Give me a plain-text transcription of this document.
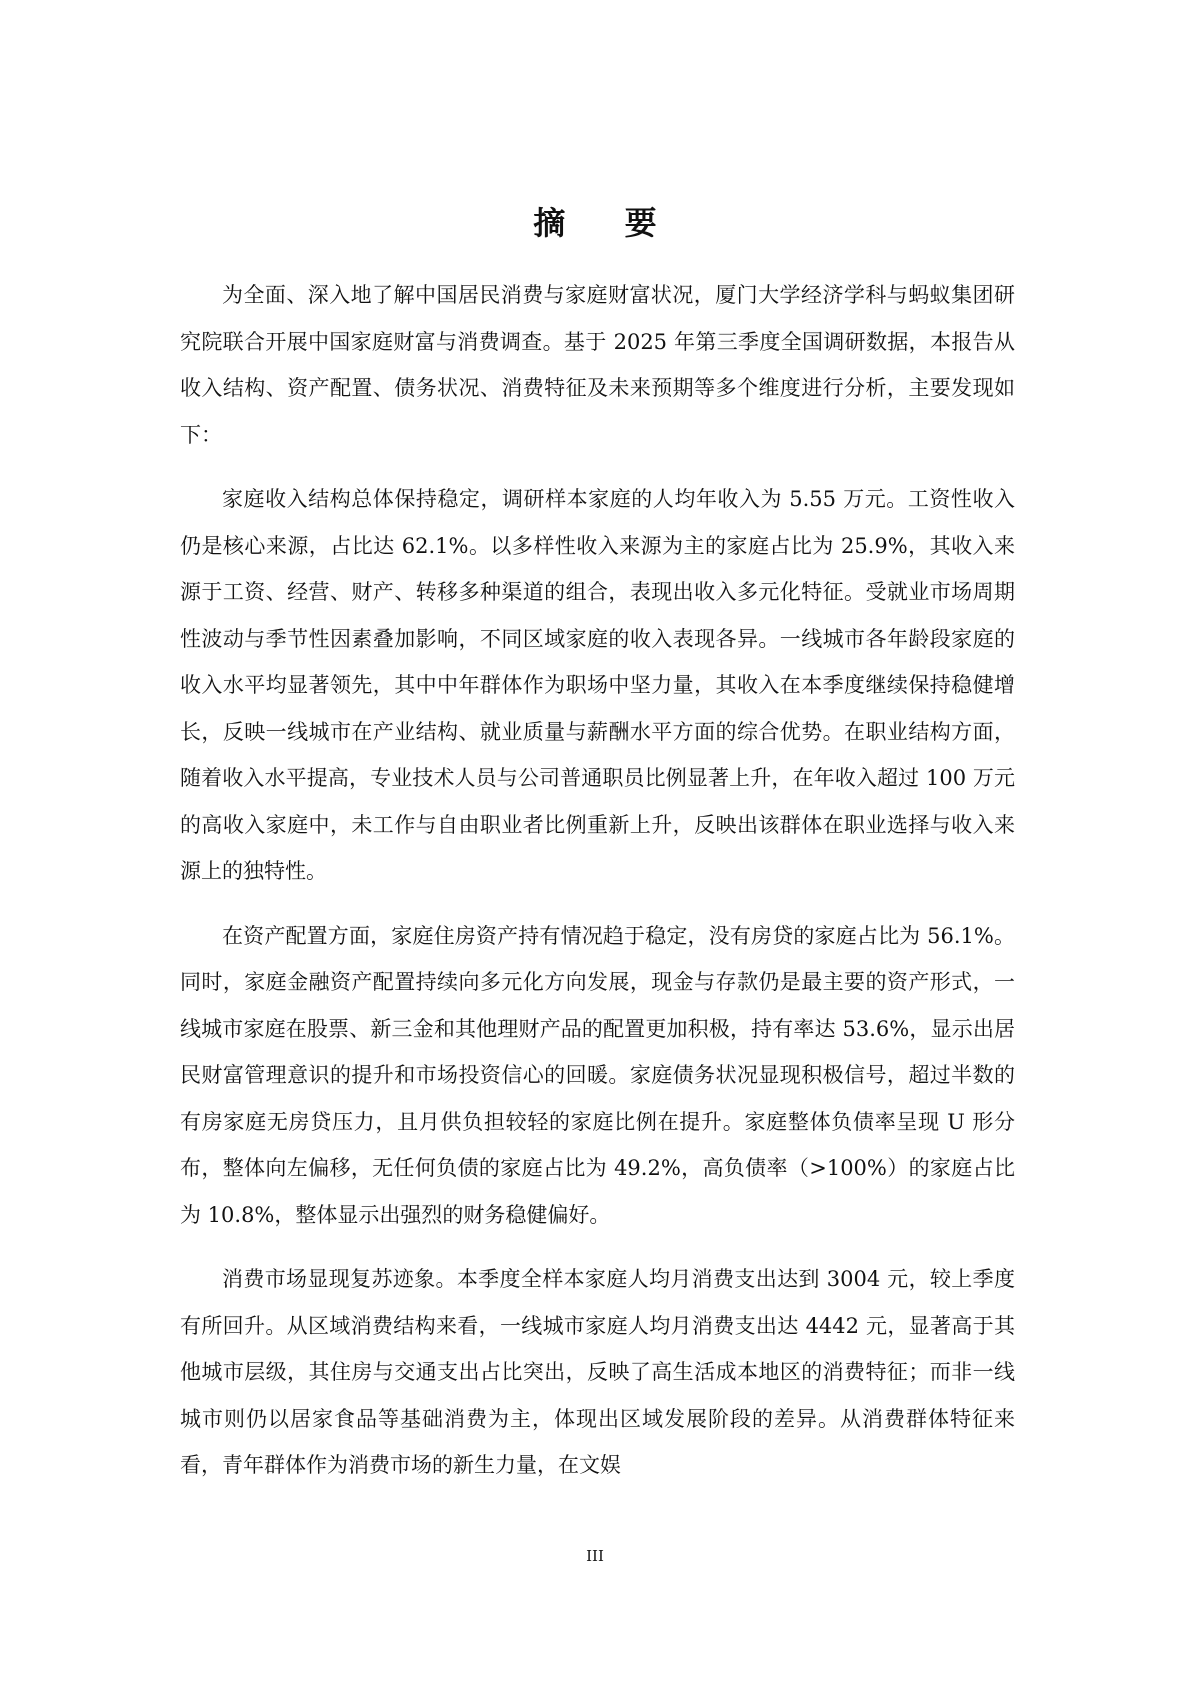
摘 要

为全面、深入地了解中国居民消费与家庭财富状况，厦门大学经济学科与蚂蚁集团研究院联合开展中国家庭财富与消费调查。基于 2025 年第三季度全国调研数据，本报告从收入结构、资产配置、债务状况、消费特征及未来预期等多个维度进行分析，主要发现如下：

家庭收入结构总体保持稳定，调研样本家庭的人均年收入为 5.55 万元。工资性收入仍是核心来源，占比达 62.1%。以多样性收入来源为主的家庭占比为 25.9%，其收入来源于工资、经营、财产、转移多种渠道的组合，表现出收入多元化特征。受就业市场周期性波动与季节性因素叠加影响，不同区域家庭的收入表现各异。一线城市各年龄段家庭的收入水平均显著领先，其中中年群体作为职场中坚力量，其收入在本季度继续保持稳健增长，反映一线城市在产业结构、就业质量与薪酬水平方面的综合优势。在职业结构方面，随着收入水平提高，专业技术人员与公司普通职员比例显著上升，在年收入超过 100 万元的高收入家庭中，未工作与自由职业者比例重新上升，反映出该群体在职业选择与收入来源上的独特性。

在资产配置方面，家庭住房资产持有情况趋于稳定，没有房贷的家庭占比为 56.1%。同时，家庭金融资产配置持续向多元化方向发展，现金与存款仍是最主要的资产形式，一线城市家庭在股票、新三金和其他理财产品的配置更加积极，持有率达 53.6%，显示出居民财富管理意识的提升和市场投资信心的回暖。家庭债务状况显现积极信号，超过半数的有房家庭无房贷压力，且月供负担较轻的家庭比例在提升。家庭整体负债率呈现 U 形分布，整体向左偏移，无任何负债的家庭占比为 49.2%，高负债率（>100%）的家庭占比为 10.8%，整体显示出强烈的财务稳健偏好。

消费市场显现复苏迹象。本季度全样本家庭人均月消费支出达到 3004 元，较上季度有所回升。从区域消费结构来看，一线城市家庭人均月消费支出达 4442 元，显著高于其他城市层级，其住房与交通支出占比突出，反映了高生活成本地区的消费特征；而非一线城市则仍以居家食品等基础消费为主，体现出区域发展阶段的差异。从消费群体特征来看，青年群体作为消费市场的新生力量，在文娱

III
